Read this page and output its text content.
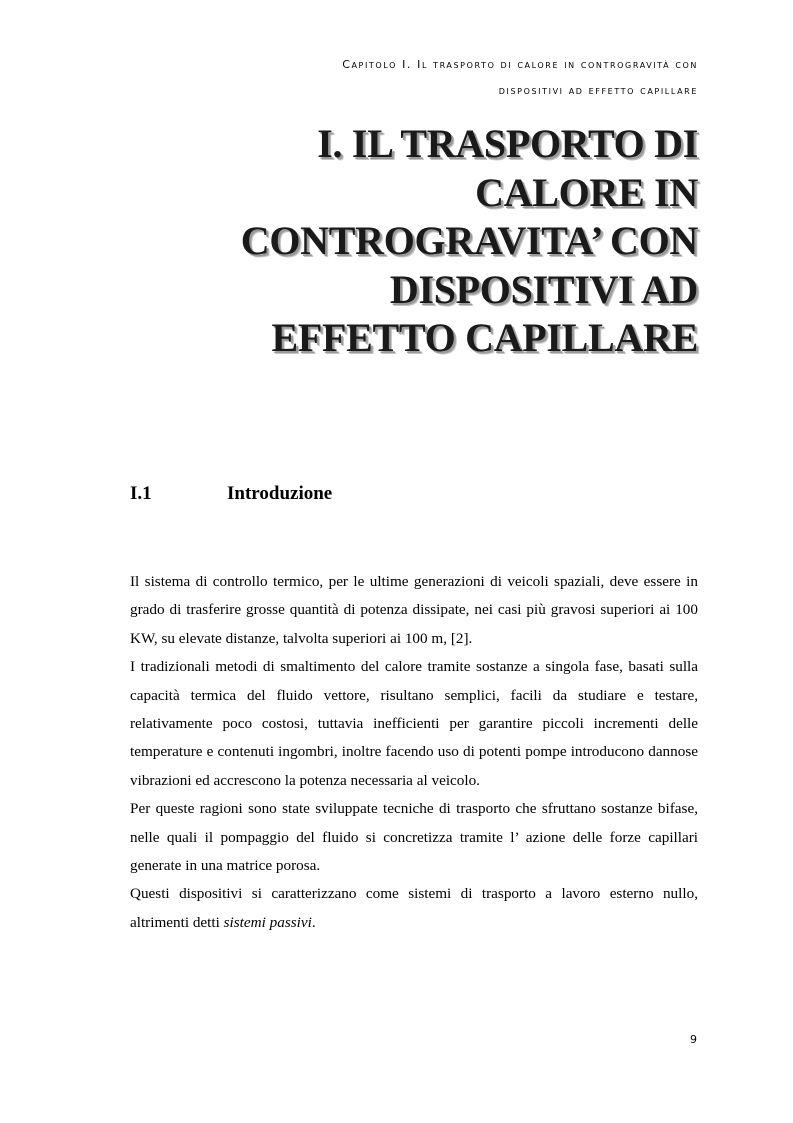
Capitolo I. Il trasporto di calore in controgravità con
dispositivi ad effetto capillare
I. IL TRASPORTO DI
CALORE IN
CONTROGRAVITA’ CON
DISPOSITIVI AD
EFFETTO CAPILLARE
I.1	Introduzione

Il sistema di controllo termico, per le ultime generazioni di veicoli spaziali, deve essere in grado di trasferire grosse quantità di potenza dissipate, nei casi più gravosi superiori ai 100 KW, su elevate distanze, talvolta superiori ai 100 m, [2].

I tradizionali metodi di smaltimento del calore tramite sostanze a singola fase, basati sulla capacità termica del fluido vettore, risultano semplici, facili da studiare e testare, relativamente poco costosi, tuttavia inefficienti per garantire piccoli incrementi delle temperature e contenuti ingombri, inoltre facendo uso di potenti pompe introducono dannose vibrazioni ed accrescono la potenza necessaria al veicolo.

Per queste ragioni sono state sviluppate tecniche di trasporto che sfruttano sostanze bifase, nelle quali il pompaggio del fluido si concretizza tramite l’ azione delle forze capillari generate in una matrice porosa.

Questi dispositivi si caratterizzano come sistemi di trasporto a lavoro esterno nullo, altrimenti detti sistemi passivi.

9
